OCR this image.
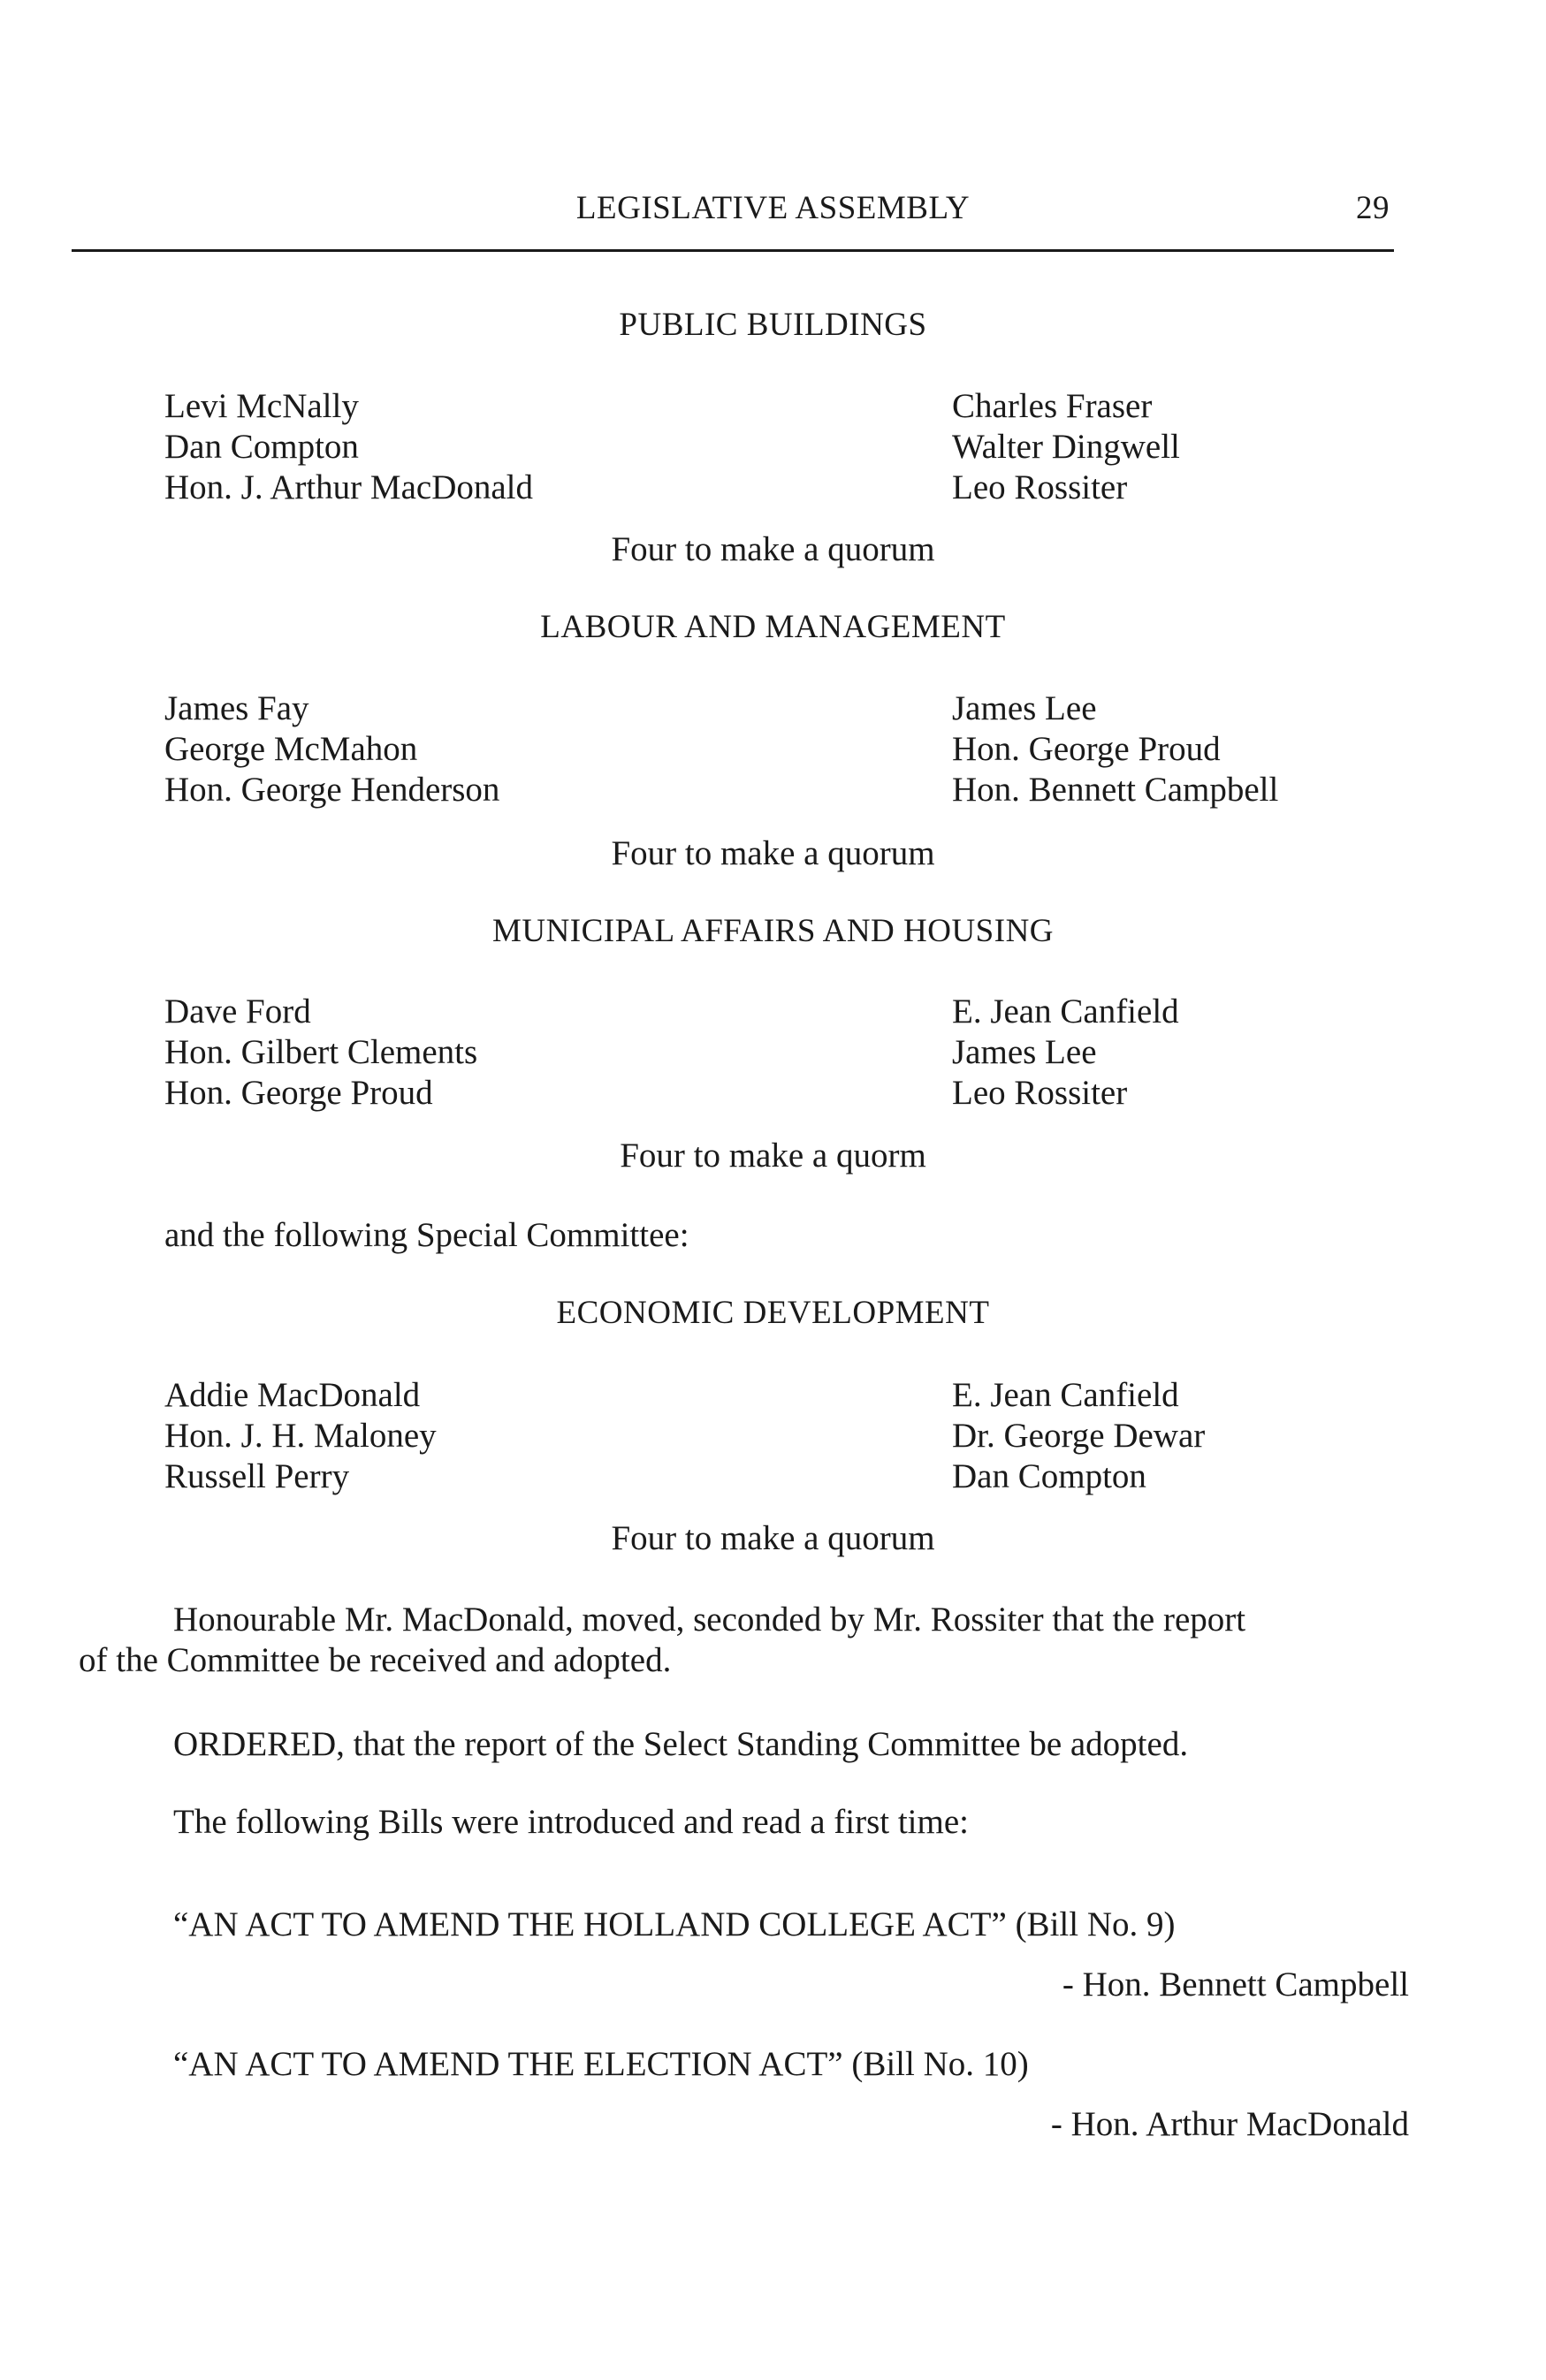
LEGISLATIVE ASSEMBLY	29
PUBLIC BUILDINGS
Levi McNally
Dan Compton
Hon. J. Arthur MacDonald
Charles Fraser
Walter Dingwell
Leo Rossiter
Four to make a quorum
LABOUR AND MANAGEMENT
James Fay
George McMahon
Hon. George Henderson
James Lee
Hon. George Proud
Hon. Bennett Campbell
Four to make a quorum
MUNICIPAL AFFAIRS AND HOUSING
Dave Ford
Hon. Gilbert Clements
Hon. George Proud
E. Jean Canfield
James Lee
Leo Rossiter
Four to make a quorm
and the following Special Committee:
ECONOMIC DEVELOPMENT
Addie MacDonald
Hon. J. H. Maloney
Russell Perry
E. Jean Canfield
Dr. George Dewar
Dan Compton
Four to make a quorum
Honourable Mr. MacDonald, moved, seconded by Mr. Rossiter that the report
of the Committee be received and adopted.
ORDERED, that the report of the Select Standing Committee be adopted.
The following Bills were introduced and read a first time:
“AN ACT TO AMEND THE HOLLAND COLLEGE ACT” (Bill No. 9)
- Hon. Bennett Campbell
“AN ACT TO AMEND THE ELECTION ACT” (Bill No. 10)
- Hon. Arthur MacDonald
